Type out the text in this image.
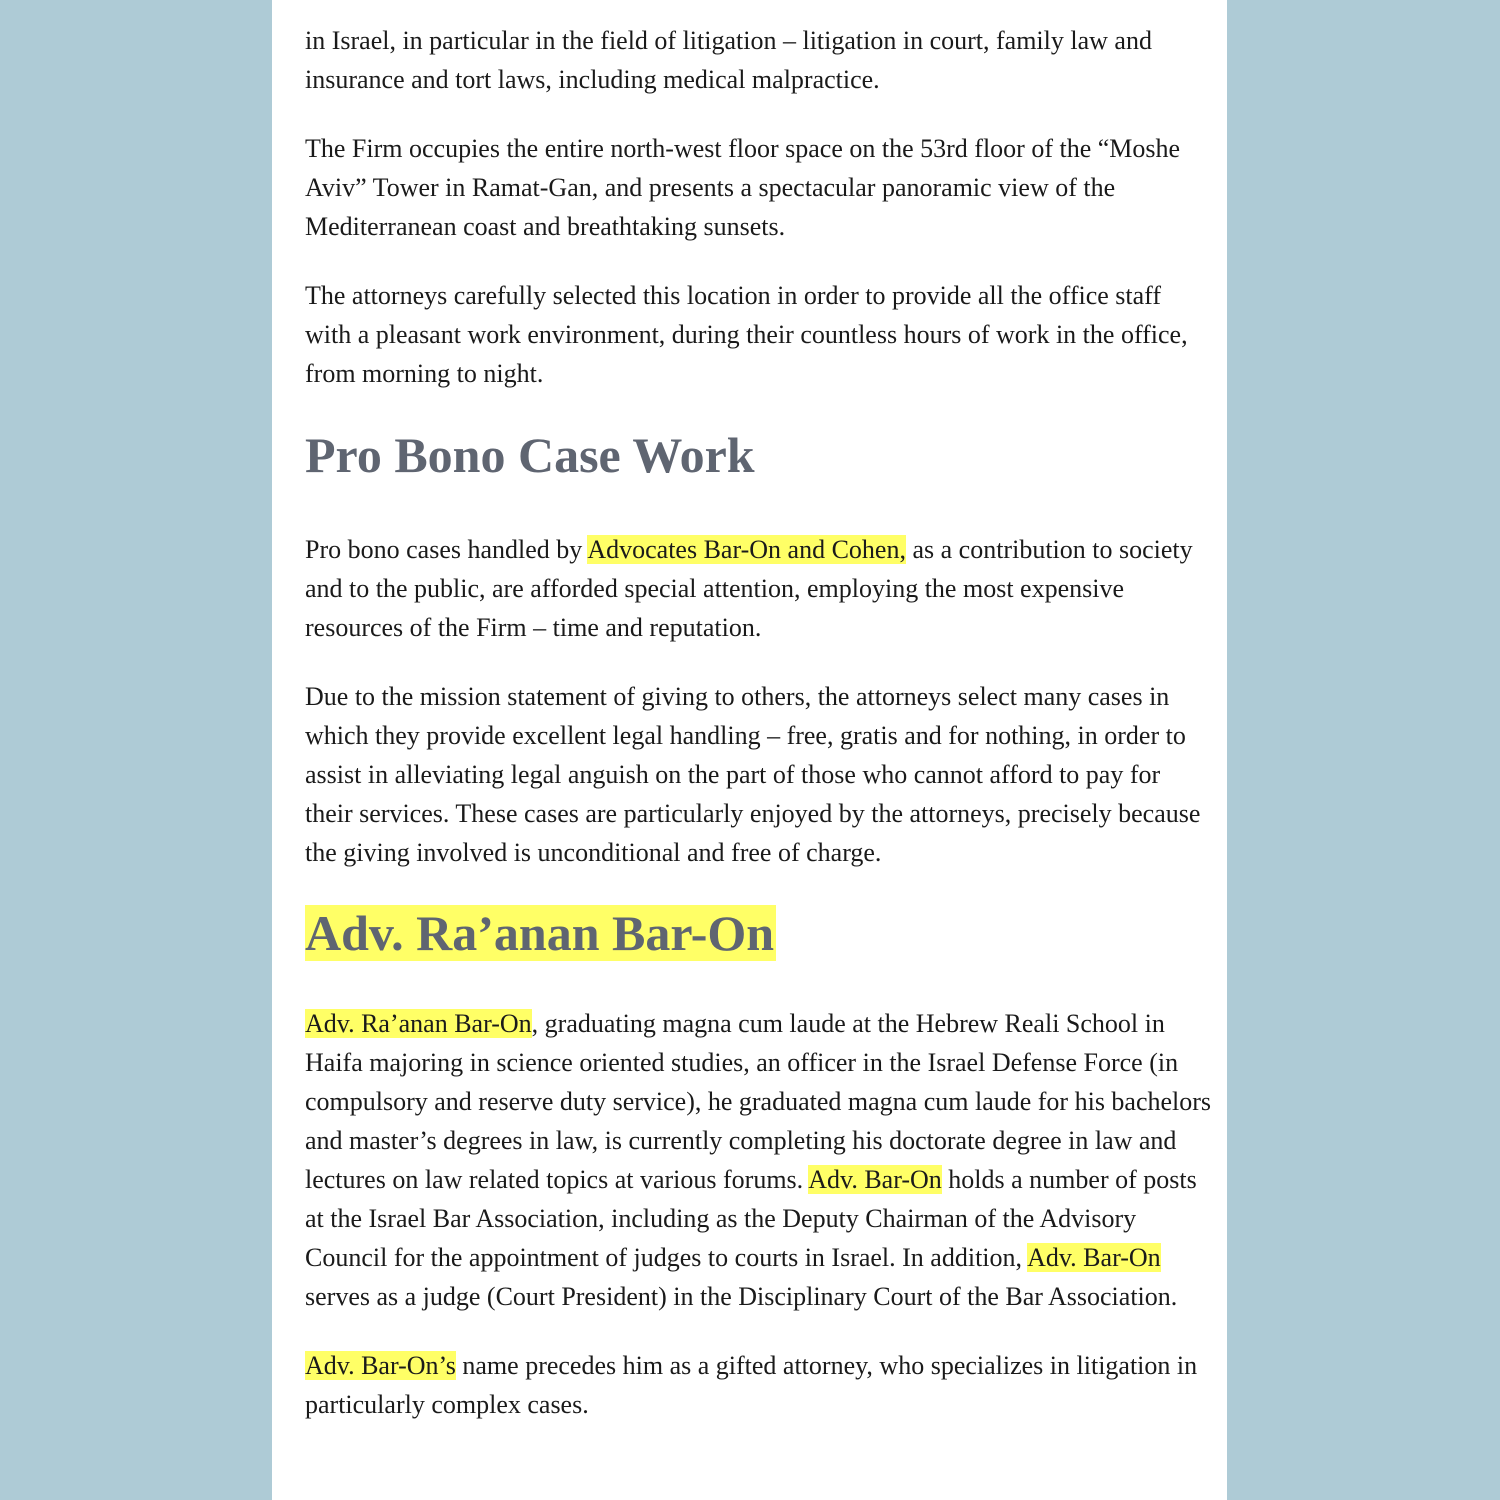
in Israel, in particular in the field of litigation – litigation in court, family law and insurance and tort laws, including medical malpractice.

The Firm occupies the entire north-west floor space on the 53rd floor of the “Moshe Aviv” Tower in Ramat-Gan, and presents a spectacular panoramic view of the Mediterranean coast and breathtaking sunsets.

The attorneys carefully selected this location in order to provide all the office staff with a pleasant work environment, during their countless hours of work in the office, from morning to night.

Pro Bono Case Work

Pro bono cases handled by Advocates Bar-On and Cohen, as a contribution to society and to the public, are afforded special attention, employing the most expensive resources of the Firm – time and reputation.

Due to the mission statement of giving to others, the attorneys select many cases in which they provide excellent legal handling – free, gratis and for nothing, in order to assist in alleviating legal anguish on the part of those who cannot afford to pay for their services. These cases are particularly enjoyed by the attorneys, precisely because the giving involved is unconditional and free of charge.

Adv. Ra’anan Bar-On

Adv. Ra’anan Bar-On, graduating magna cum laude at the Hebrew Reali School in Haifa majoring in science oriented studies, an officer in the Israel Defense Force (in compulsory and reserve duty service), he graduated magna cum laude for his bachelors and master’s degrees in law, is currently completing his doctorate degree in law and lectures on law related topics at various forums. Adv. Bar-On holds a number of posts at the Israel Bar Association, including as the Deputy Chairman of the Advisory Council for the appointment of judges to courts in Israel. In addition, Adv. Bar-On serves as a judge (Court President) in the Disciplinary Court of the Bar Association.

Adv. Bar-On’s name precedes him as a gifted attorney, who specializes in litigation in particularly complex cases.
